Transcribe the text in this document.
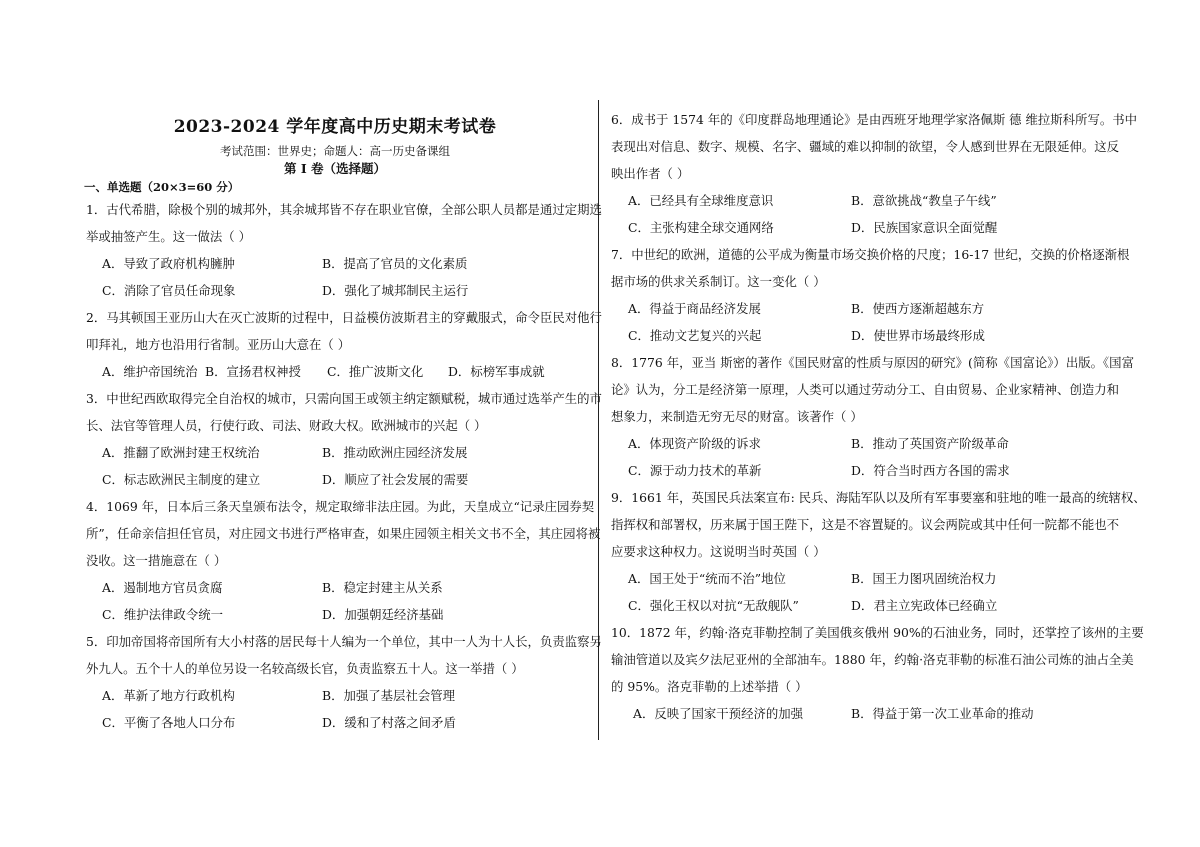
2023-2024 学年度高中历史期末考试卷
考试范围：世界史；命题人：高一历史备课组
第 I 卷（选择题）
一、单选题（20×3=60 分）
1．古代希腊，除极个别的城邦外，其余城邦皆不存在职业官僚，全部公职人员都是通过定期选
举或抽签产生。这一做法（ ）
A．导致了政府机构臃肿	B．提高了官员的文化素质
C．消除了官员任命现象	D．强化了城邦制民主运行
2．马其顿国王亚历山大在灭亡波斯的过程中，日益模仿波斯君主的穿戴服式，命令臣民对他行
叩拜礼，地方也沿用行省制。亚历山大意在（ ）
A．维护帝国统治 B．宣扬君权神授 C．推广波斯文化 D．标榜军事成就
3．中世纪西欧取得完全自治权的城市，只需向国王或领主纳定额赋税，城市通过选举产生的市
长、法官等管理人员，行使行政、司法、财政大权。欧洲城市的兴起（ ）
A．推翻了欧洲封建王权统治	B．推动欧洲庄园经济发展
C．标志欧洲民主制度的建立	D．顺应了社会发展的需要
4．1069 年，日本后三条天皇颁布法令，规定取缔非法庄园。为此，天皇成立“记录庄园券契
所”，任命亲信担任官员，对庄园文书进行严格审查，如果庄园领主相关文书不全，其庄园将被
没收。这一措施意在（ ）
A．遏制地方官员贪腐	B．稳定封建主从关系
C．维护法律政令统一	D．加强朝廷经济基础
5．印加帝国将帝国所有大小村落的居民每十人编为一个单位，其中一人为十人长，负责监察另
外九人。五个十人的单位另设一名较高级长官，负责监察五十人。这一举措（ ）
A．革新了地方行政机构	B．加强了基层社会管理
C．平衡了各地人口分布	D．缓和了村落之间矛盾
6．成书于 1574 年的《印度群岛地理通论》是由西班牙地理学家洛佩斯 德 维拉斯科所写。书中
表现出对信息、数字、规模、名字、疆域的难以抑制的欲望，令人感到世界在无限延伸。这反
映出作者（ ）
A．已经具有全球维度意识	B．意欲挑战“教皇子午线”
C．主张构建全球交通网络	D．民族国家意识全面觉醒
7．中世纪的欧洲，道德的公平成为衡量市场交换价格的尺度；16-17 世纪，交换的价格逐渐根
据市场的供求关系制订。这一变化（ ）
A．得益于商品经济发展	B．使西方逐渐超越东方
C．推动文艺复兴的兴起	D．使世界市场最终形成
8．1776 年，亚当 斯密的著作《国民财富的性质与原因的研究》(简称《国富论》）出版。《国富
论》认为，分工是经济第一原理，人类可以通过劳动分工、自由贸易、企业家精神、创造力和
想象力，来制造无穷无尽的财富。该著作（ ）
A．体现资产阶级的诉求	B．推动了英国资产阶级革命
C．源于动力技术的革新	D．符合当时西方各国的需求
9．1661 年，英国民兵法案宣布: 民兵、海陆军队以及所有军事要塞和驻地的唯一最高的统辖权、
指挥权和部署权，历来属于国王陛下，这是不容置疑的。议会两院或其中任何一院都不能也不
应要求这种权力。这说明当时英国（ ）
A．国王处于“统而不治”地位	B．国王力图巩固统治权力
C．强化王权以对抗“无敌舰队”	D．君主立宪政体已经确立
10．1872 年，约翰·洛克菲勒控制了美国俄亥俄州 90%的石油业务，同时，还掌控了该州的主要
输油管道以及宾夕法尼亚州的全部油车。1880 年，约翰·洛克菲勒的标准石油公司炼的油占全美
的 95%。洛克菲勒的上述举措（ ）
A．反映了国家干预经济的加强	B．得益于第一次工业革命的推动
